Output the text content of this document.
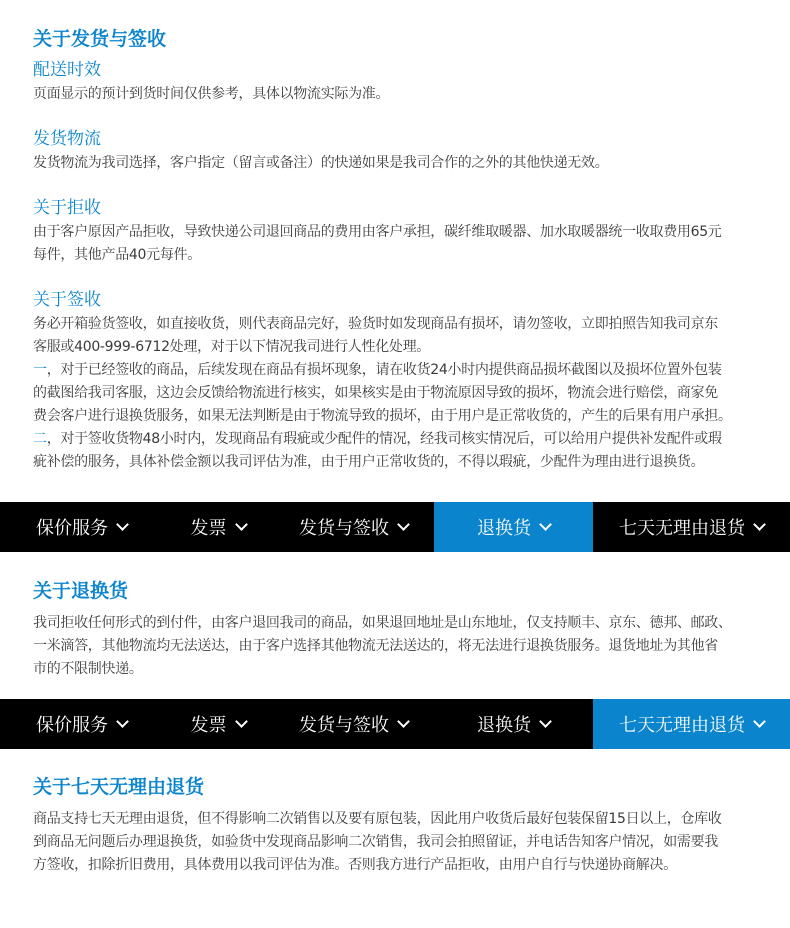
关于发货与签收
配送时效
页面显示的预计到货时间仅供参考，具体以物流实际为准。
发货物流
发货物流为我司选择，客户指定（留言或备注）的快递如果是我司合作的之外的其他快递无效。
关于拒收
由于客户原因产品拒收，导致快递公司退回商品的费用由客户承担，碳纤维取暖器、加水取暖器统一收取费用65元
每件，其他产品40元每件。
关于签收
务必开箱验货签收，如直接收货，则代表商品完好，验货时如发现商品有损坏，请勿签收，立即拍照告知我司京东
客服或400-999-6712处理，对于以下情况我司进行人性化处理。
一，对于已经签收的商品，后续发现在商品有损坏现象，请在收货24小时内提供商品损坏截图以及损坏位置外包装
的截图给我司客服，这边会反馈给物流进行核实，如果核实是由于物流原因导致的损坏，物流会进行赔偿，商家免
费会客户进行退换货服务，如果无法判断是由于物流导致的损坏，由于用户是正常收货的，产生的后果有用户承担。
二，对于签收货物48小时内，发现商品有瑕疵或少配件的情况，经我司核实情况后，可以给用户提供补发配件或瑕
疵补偿的服务，具体补偿金额以我司评估为准，由于用户正常收货的，不得以瑕疵，少配件为理由进行退换货。
保价服务	发票	发货与签收	退换货	七天无理由退货
关于退换货
我司拒收任何形式的到付件，由客户退回我司的商品，如果退回地址是山东地址，仅支持顺丰、京东、德邦、邮政、
一米滴答，其他物流均无法送达，由于客户选择其他物流无法送达的，将无法进行退换货服务。退货地址为其他省
市的不限制快递。
保价服务	发票	发货与签收	退换货	七天无理由退货
关于七天无理由退货
商品支持七天无理由退货，但不得影响二次销售以及要有原包装，因此用户收货后最好包装保留15日以上，仓库收
到商品无问题后办理退换货，如验货中发现商品影响二次销售，我司会拍照留证，并电话告知客户情况，如需要我
方签收，扣除折旧费用，具体费用以我司评估为准。否则我方进行产品拒收，由用户自行与快递协商解决。
